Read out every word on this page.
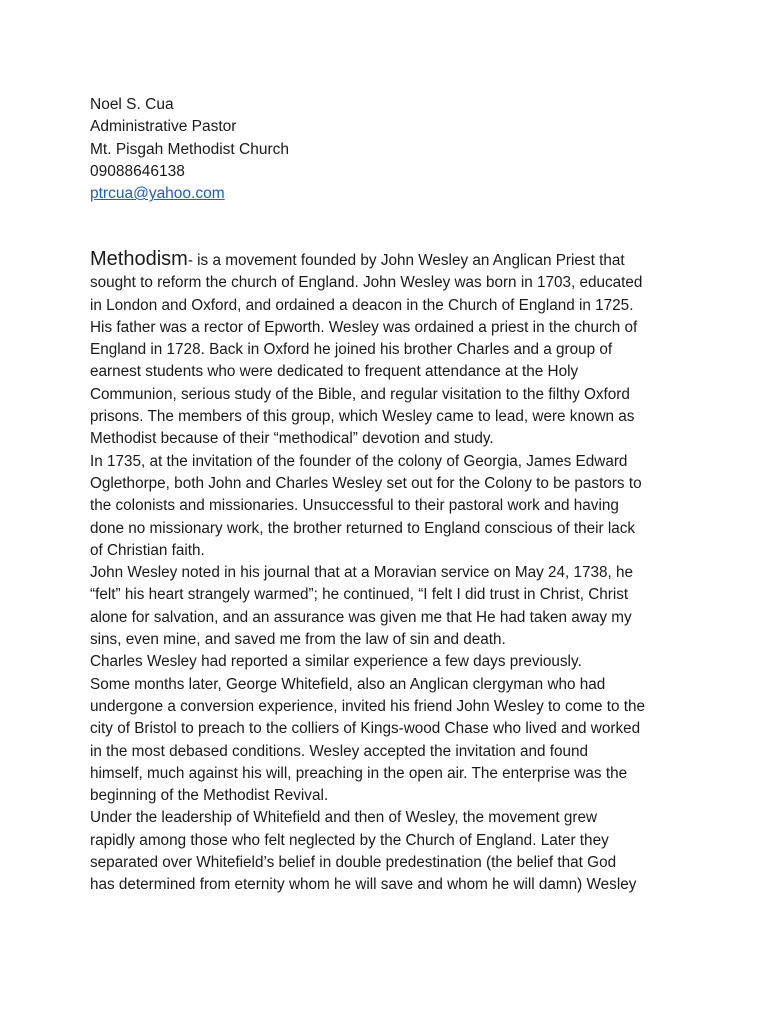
Noel S. Cua
Administrative Pastor
Mt. Pisgah Methodist Church
09088646138
ptrcua@yahoo.com
Methodism- is a movement founded by John Wesley an Anglican Priest that
sought to reform the church of England. John Wesley was born in 1703, educated
in London and Oxford, and ordained a deacon in the Church of England in 1725.
His father was a rector of Epworth. Wesley was ordained a priest in the church of
England in 1728. Back in Oxford he joined his brother Charles and a group of
earnest students who were dedicated to frequent attendance at the Holy
Communion, serious study of the Bible, and regular visitation to the filthy Oxford
prisons. The members of this group, which Wesley came to lead, were known as
Methodist because of their “methodical” devotion and study.
In 1735, at the invitation of the founder of the colony of Georgia, James Edward
Oglethorpe, both John and Charles Wesley set out for the Colony to be pastors to
the colonists and missionaries. Unsuccessful to their pastoral work and having
done no missionary work, the brother returned to England conscious of their lack
of Christian faith.
John Wesley noted in his journal that at a Moravian service on May 24, 1738, he
“felt” his heart strangely warmed”; he continued, “I felt I did trust in Christ, Christ
alone for salvation, and an assurance was given me that He had taken away my
sins, even mine, and saved me from the law of sin and death.
Charles Wesley had reported a similar experience a few days previously.
Some months later, George Whitefield, also an Anglican clergyman who had
undergone a conversion experience, invited his friend John Wesley to come to the
city of Bristol to preach to the colliers of Kings-wood Chase who lived and worked
in the most debased conditions. Wesley accepted the invitation and found
himself, much against his will, preaching in the open air. The enterprise was the
beginning of the Methodist Revival.
Under the leadership of Whitefield and then of Wesley, the movement grew
rapidly among those who felt neglected by the Church of England. Later they
separated over Whitefield’s belief in double predestination (the belief that God
has determined from eternity whom he will save and whom he will damn) Wesley
